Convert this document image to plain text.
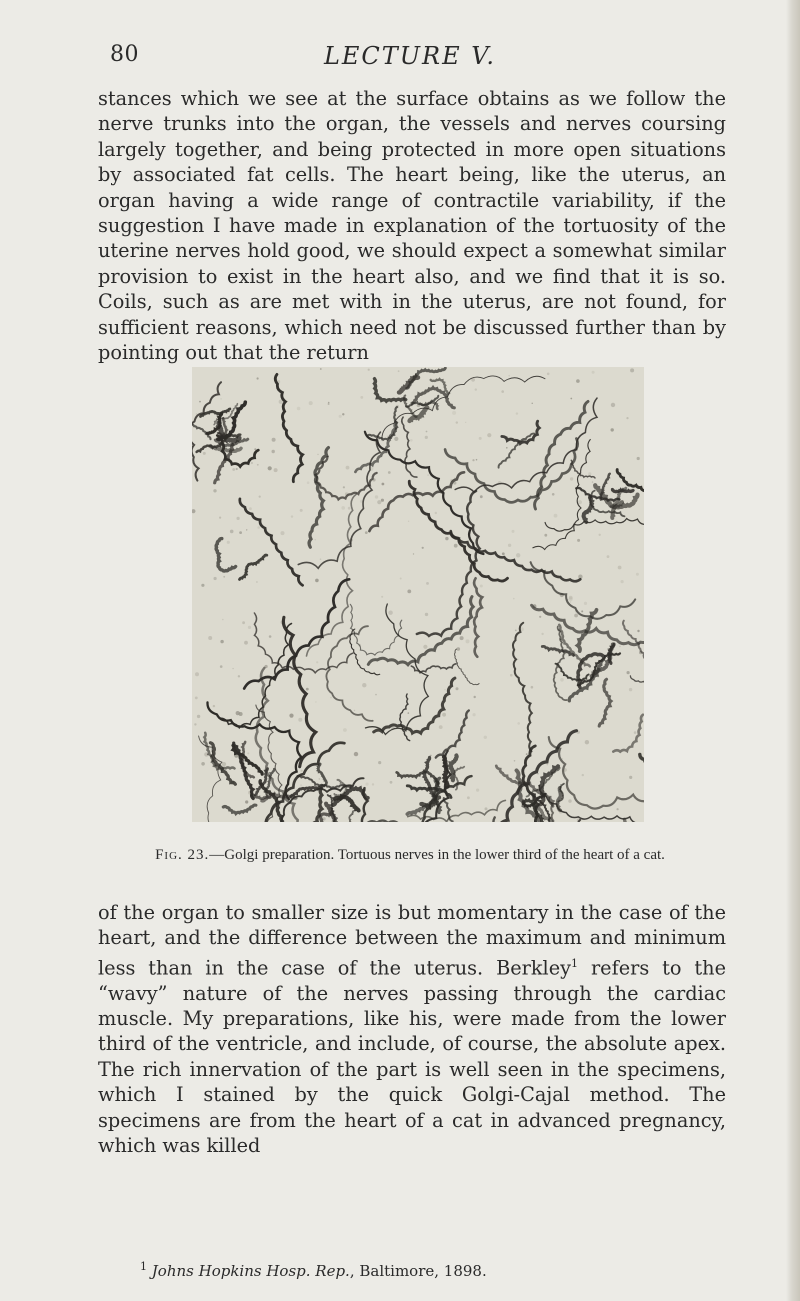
80	LECTURE V.

stances which we see at the surface obtains as we follow the nerve trunks into the organ, the vessels and nerves coursing largely together, and being protected in more open situations by associated fat cells. The heart being, like the uterus, an organ having a wide range of contractile variability, if the suggestion I have made in explanation of the tortuosity of the uterine nerves hold good, we should expect a somewhat similar provision to exist in the heart also, and we find that it is so. Coils, such as are met with in the uterus, are not found, for sufficient reasons, which need not be discussed further than by pointing out that the return

Fig. 23.—Golgi preparation. Tortuous nerves in the lower third of the heart of a cat.

of the organ to smaller size is but momentary in the case of the heart, and the difference between the maximum and minimum less than in the case of the uterus. Berkley$^1$ refers to the “wavy” nature of the nerves passing through the cardiac muscle. My preparations, like his, were made from the lower third of the ventricle, and include, of course, the absolute apex. The rich innervation of the part is well seen in the specimens, which I stained by the quick Golgi-Cajal method. The specimens are from the heart of a cat in advanced pregnancy, which was killed

$^1$ Johns Hopkins Hosp. Rep., Baltimore, 1898.
